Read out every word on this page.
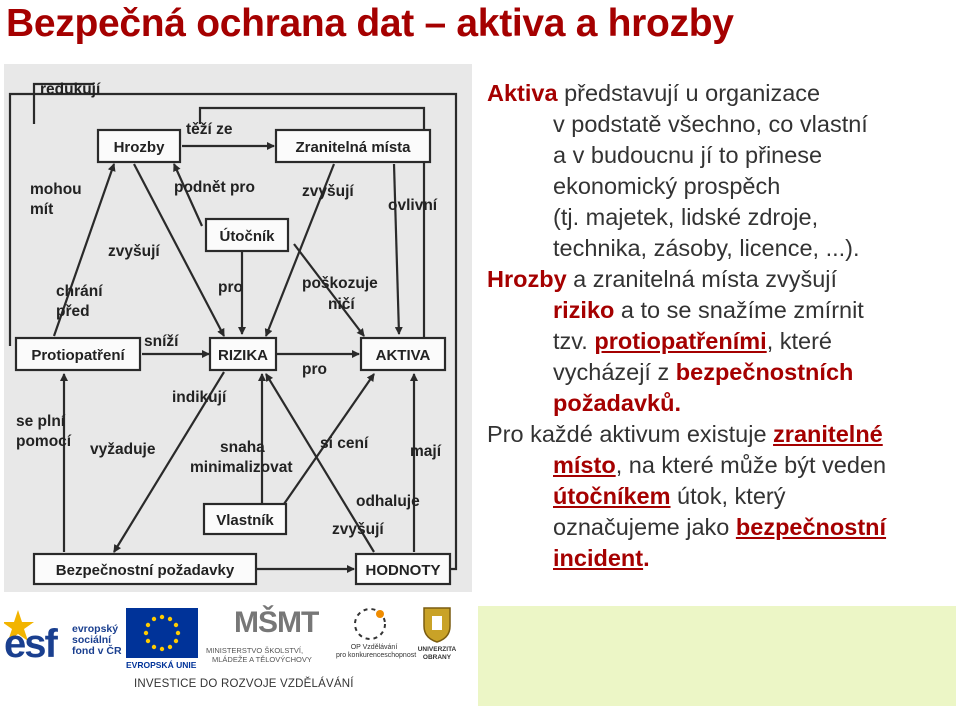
Bezpečná ochrana dat – aktiva a hrozby
Hrozby	Zranitelná místa
Útočník
Protiopatření	RIZIKA	AKTIVA
Vlastník
Bezpečnostní požadavky	HODNOTY
redukují
těží ze
mohou
mít
podnět pro	zvyšují
ovlivní
zvyšují
chrání
před
pro	poškozuje
ničí
sníží
pro
indikují
se plní
pomocí vyžaduje	snaha
minimalizovat
si cení	mají
odhaluje
zvyšují

Aktiva představují u organizace
v podstatě všechno, co vlastní
a v budoucnu jí to přinese
ekonomický prospěch
(tj. majetek, lidské zdroje,
technika, zásoby, licence, ...).

Hrozby a zranitelná místa zvyšují
riziko a to se snažíme zmírnit
tzv. protiopatřeními, které
vycházejí z bezpečnostních
požadavků.

Pro každé aktivum existuje zranitelné
místo, na které může být veden
útočníkem útok, který
označujeme jako bezpečnostní
incident.

esf evropský
sociální
fond v ČR
EVROPSKÁ UNIE
MŠMT
MINISTERSTVO ŠKOLSTVÍ,
MLÁDEŽE A TĚLOVÝCHOVY
OP Vzdělávání
pro konkurenceschopnost
UNIVERZITA
OBRANY
INVESTICE DO ROZVOJE VZDĚLÁVÁNÍ
